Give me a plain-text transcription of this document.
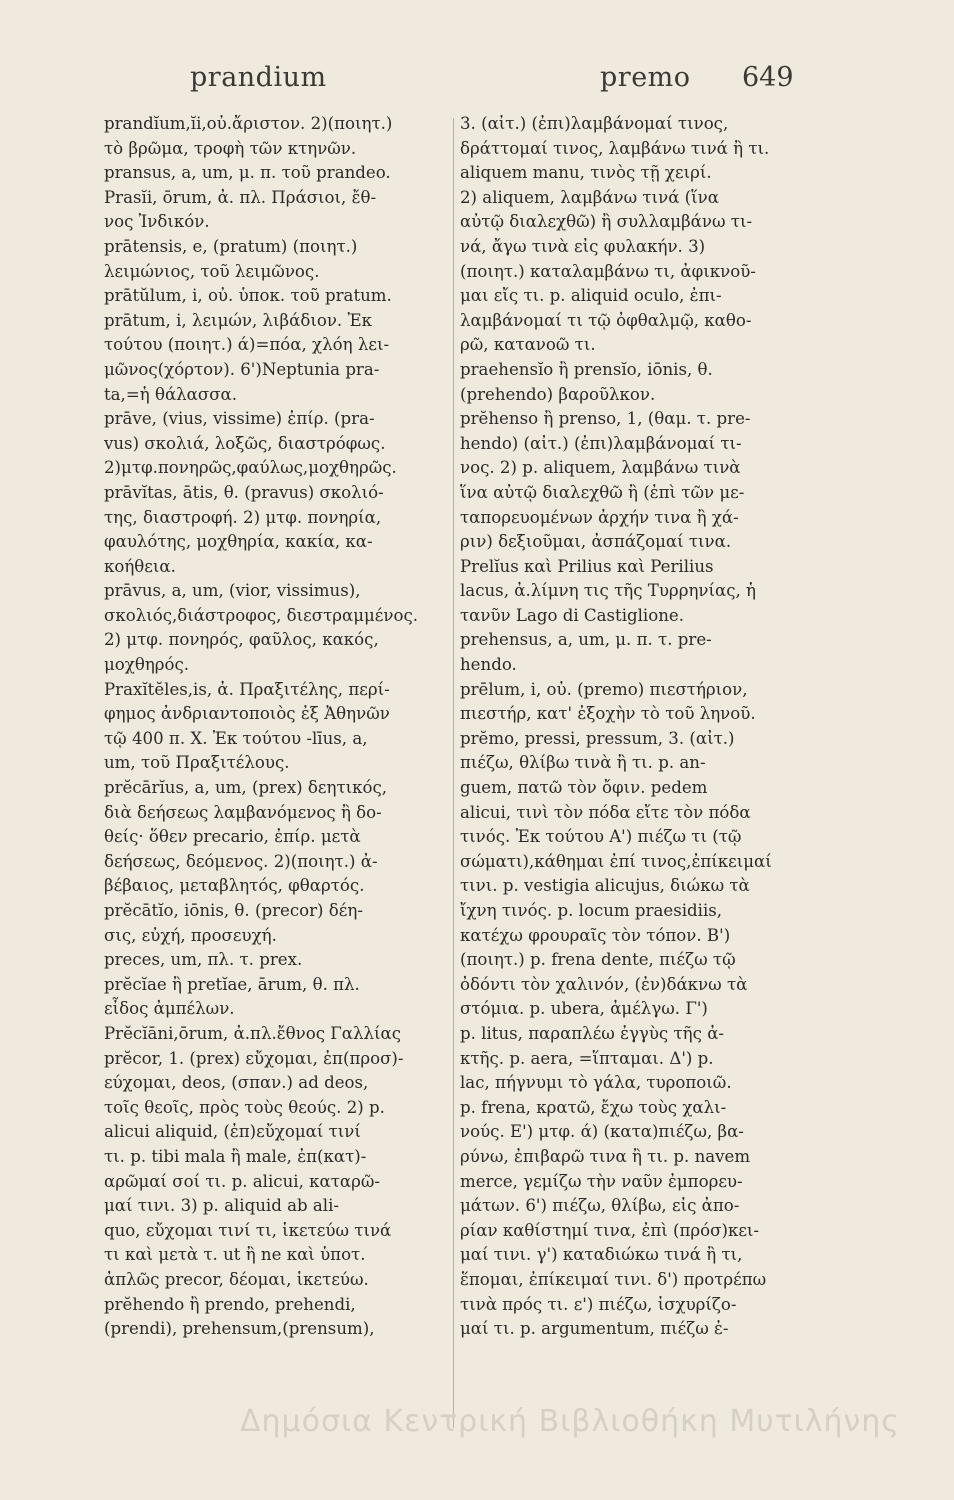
prandium	premo 649
prandĭum,ĭi,οὐ.ἄριστον. 2)(ποιητ.)
τὸ βρῶμα, τροφὴ τῶν κτηνῶν.
pransus, a, um, μ. π. τοῦ prandeo.
Prasĭi, ōrum, ἀ. πλ. Πράσιοι, ἔθ-
νος Ἰνδικόν.
prātensis, e, (pratum) (ποιητ.)
λειμώνιος, τοῦ λειμῶνος.
prātŭlum, i, οὐ. ὑποκ. τοῦ pratum.
prātum, i, λειμών, λιβάδιον. Ἐκ
τούτου (ποιητ.) ά)=πόα, χλόη λει-
μῶνος(χόρτον). 6')Neptunia pra-
ta,=ἡ θάλασσα.
prāve, (vius, vissime) ἐπίρ. (pra-
vus) σκολιά, λοξῶς, διαστρόφως.
2)μτφ.πονηρῶς,φαύλως,μοχθηρῶς.
prāvĭtas, ātis, θ. (pravus) σκολιό-
της, διαστροφή. 2) μτφ. πονηρία,
φαυλότης, μοχθηρία, κακία, κα-
κοήθεια.
prāvus, a, um, (vior, vissimus),
σκολιός,διάστροφος, διεστραμμένος.
2) μτφ. πονηρός, φαῦλος, κακός,
μοχθηρός.
Praxĭtĕles,is, ἀ. Πραξιτέλης, περί-
φημος ἀνδριαντοποιὸς ἐξ Ἀθηνῶν
τῷ 400 π. Χ. Ἐκ τούτου -līus, a,
um, τοῦ Πραξιτέλους.
prĕcārĭus, a, um, (prex) δεητικός,
διὰ δεήσεως λαμβανόμενος ἢ δο-
θείς· ὅθεν precario, ἐπίρ. μετὰ
δεήσεως, δεόμενος. 2)(ποιητ.) ἀ-
βέβαιος, μεταβλητός, φθαρτός.
prĕcātĭo, iōnis, θ. (precor) δέη-
σις, εὐχή, προσευχή.
preces, um, πλ. τ. prex.
prĕcĭae ἢ pretĭae, ārum, θ. πλ.
εἶδος ἀμπέλων.
Prĕcĭāni,ōrum, ἀ.πλ.ἔθνος Γαλλίας
prĕcor, 1. (prex) εὔχομαι, ἐπ(προσ)-
εύχομαι, deos, (σπαν.) ad deos,
τοῖς θεοῖς, πρὸς τοὺς θεούς. 2) p.
alicui aliquid, (ἐπ)εὔχομαί τινί
τι. p. tibi mala ἢ male, ἐπ(κατ)-
αρῶμαί σοί τι. p. alicui, καταρῶ-
μαί τινι. 3) p. aliquid ab ali-
quo, εὔχομαι τινί τι, ἱκετεύω τινά
τι καὶ μετὰ τ. ut ἢ ne καὶ ὑποτ.
ἀπλῶς precor, δέομαι, ἱκετεύω.
prĕhendo ἢ prendo, prehendi,
(prendi), prehensum,(prensum),
3. (αἰτ.) (ἐπι)λαμβάνομαί τινος,
δράττομαί τινος, λαμβάνω τινά ἢ τι.
aliquem manu, τινὸς τῇ χειρί.
2) aliquem, λαμβάνω τινά (ἵνα
αὐτῷ διαλεχθῶ) ἢ συλλαμβάνω τι-
νά, ἄγω τινὰ εἰς φυλακήν. 3)
(ποιητ.) καταλαμβάνω τι, ἀφικνοῦ-
μαι εἴς τι. p. aliquid oculo, ἐπι-
λαμβάνομαί τι τῷ ὀφθαλμῷ, καθο-
ρῶ, κατανοῶ τι.
praehensĭo ἢ prensĭo, iōnis, θ.
(prehendo) βαροῦλκον.
prĕhenso ἢ prenso, 1, (θαμ. τ. pre-
hendo) (αἰτ.) (ἐπι)λαμβάνομαί τι-
νος. 2) p. aliquem, λαμβάνω τινὰ
ἵνα αὐτῷ διαλεχθῶ ἢ (ἐπὶ τῶν με-
ταπορευομένων ἀρχήν τινα ἢ χά-
ριν) δεξιοῦμαι, ἀσπάζομαί τινα.
Prelĭus καὶ Prilius καὶ Perilius
lacus, ἀ.λίμνη τις τῆς Τυρρηνίας, ἡ
τανῦν Lago di Castiglione.
prehensus, a, um, μ. π. τ. pre-
hendo.
prēlum, i, οὐ. (premo) πιεστήριον,
πιεστήρ, κατ' ἐξοχὴν τὸ τοῦ ληνοῦ.
prĕmo, pressi, pressum, 3. (αἰτ.)
πιέζω, θλίβω τινὰ ἢ τι. p. an-
guem, πατῶ τὸν ὄφιν. pedem
alicui, τινὶ τὸν πόδα εἴτε τὸν πόδα
τινός. Ἐκ τούτου Α') πιέζω τι (τῷ
σώματι),κάθημαι ἐπί τινος,ἐπίκειμαί
τινι. p. vestigia alicujus, διώκω τὰ
ἴχνη τινός. p. locum praesidiis,
κατέχω φρουραῖς τὸν τόπον. Β')
(ποιητ.) p. frena dente, πιέζω τῷ
ὀδόντι τὸν χαλινόν, (ἐν)δάκνω τὰ
στόμια. p. ubera, ἀμέλγω. Γ')
p. litus, παραπλέω ἐγγὺς τῆς ἀ-
κτῆς. p. aera, =ἵπταμαι. Δ') p.
lac, πήγνυμι τὸ γάλα, τυροποιῶ.
p. frena, κρατῶ, ἔχω τοὺς χαλι-
νούς. Ε') μτφ. ά) (κατα)πιέζω, βα-
ρύνω, ἐπιβαρῶ τινα ἢ τι. p. navem
merce, γεμίζω τὴν ναῦν ἐμπορευ-
μάτων. 6') πιέζω, θλίβω, εἰς ἀπο-
ρίαν καθίστημί τινα, ἐπὶ (πρόσ)κει-
μαί τινι. γ') καταδιώκω τινά ἢ τι,
ἕπομαι, ἐπίκειμαί τινι. δ') προτρέπω
τινὰ πρός τι. ε') πιέζω, ἰσχυρίζο-
μαί τι. p. argumentum, πιέζω ἐ-
Δημόσια Κεντρική Βιβλιοθήκη Μυτιλήνης
